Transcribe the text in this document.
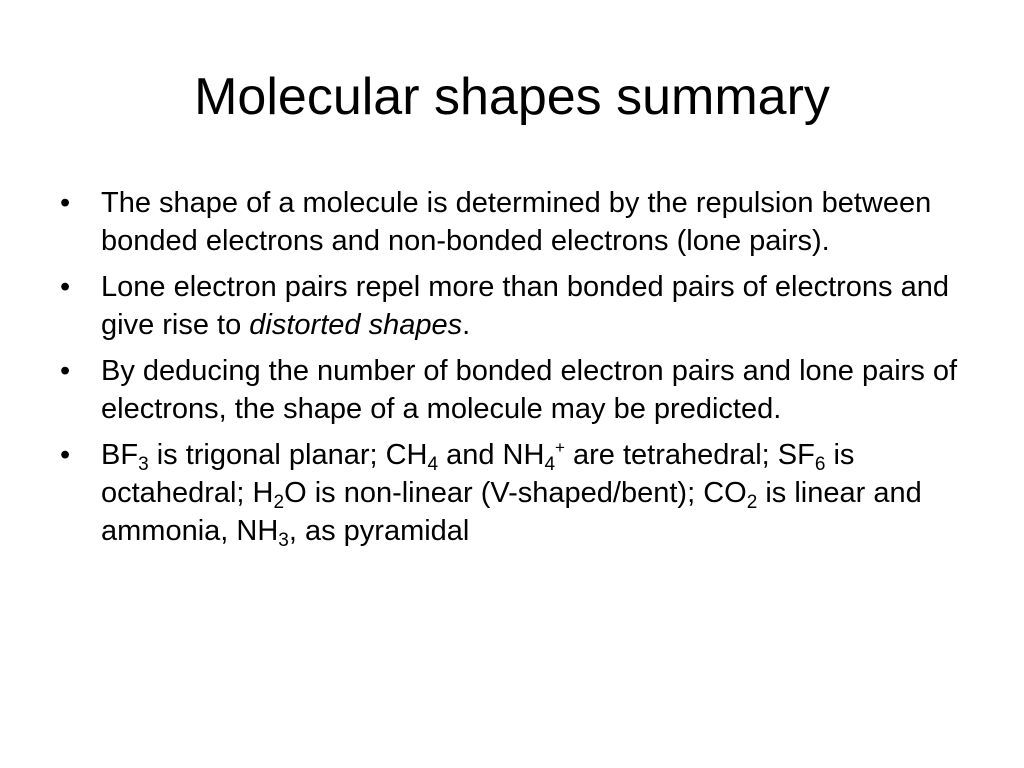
Molecular shapes summary
•	The shape of a molecule is determined by the repulsion between bonded electrons and non-bonded electrons (lone pairs).
•	Lone electron pairs repel more than bonded pairs of electrons and give rise to distorted shapes.
•	By deducing the number of bonded electron pairs and lone pairs of electrons, the shape of a molecule may be predicted.
•	$BF_3$ is trigonal planar; $CH_4$ and $NH_4^+$ are tetrahedral; $SF_6$ is octahedral; $H_2O$ is non-linear (V-shaped/bent); $CO_2$ is linear and ammonia, $NH_3$, as pyramidal
